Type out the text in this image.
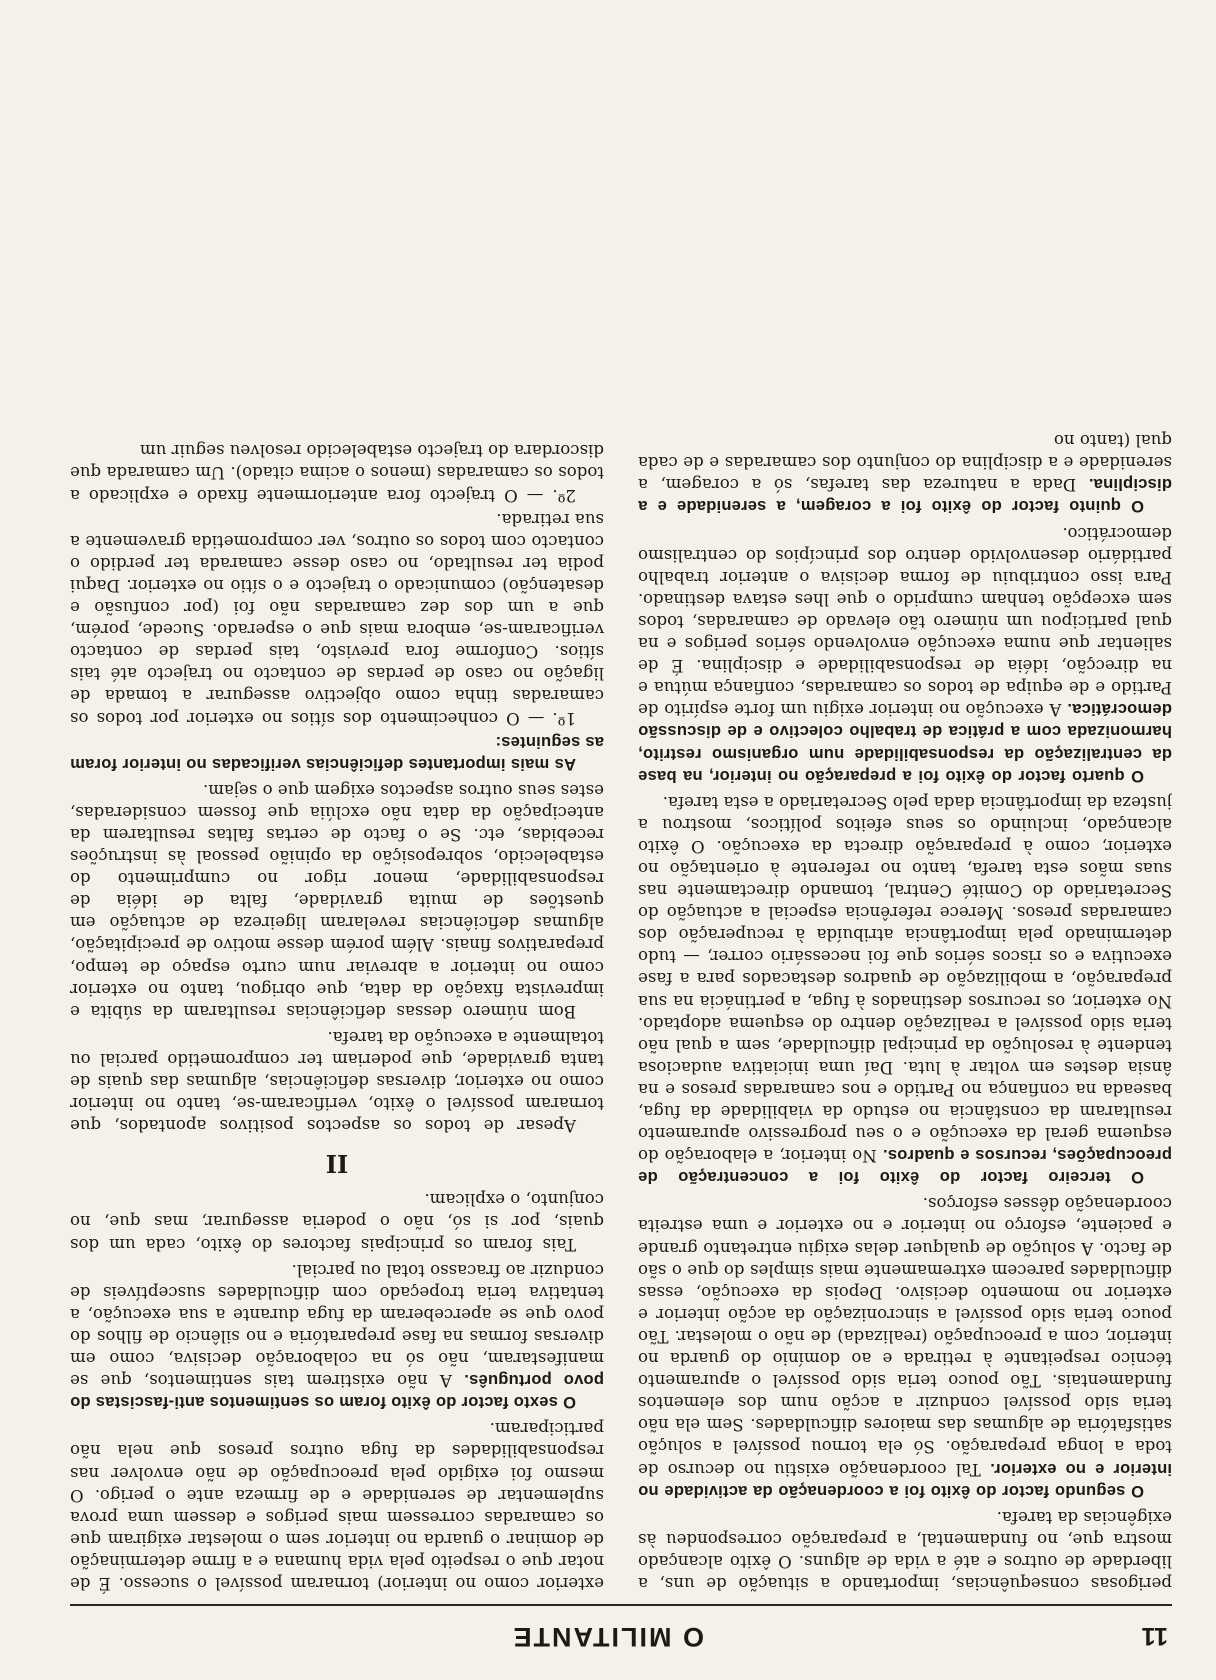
11
O MILITANTE

perigosas consequências, importando a situação de uns, a liberdade de outros e até a vida de alguns. O êxito alcançado mostra que, no fundamental, a preparação correspondeu às exigências da tarefa.

O segundo factor do êxito foi a coordenação da actividade no interior e no exterior. Tal coordenação existiu no decurso de toda a longa preparação. Só ela tornou possível a solução satisfatória de algumas das maiores dificuldades. Sem ela não teria sido possível conduzir a acção num dos elementos fundamentais. Tão pouco teria sido possível o apuramento técnico respeitante à retirada e ao domínio do guarda no interior, com a preocupação (realizada) de não o molestar. Tão pouco teria sido possível a sincronização da acção interior e exterior no momento decisivo. Depois da execução, essas dificuldades parecem extremamente mais simples do que o são de facto. A solução de qualquer delas exigiu entretanto grande e paciente, esforço no interior e no exterior e uma estreita coordenação dêsses esforços.

O terceiro factor do êxito foi a concentração de preocupações, recursos e quadros. No interior, a elaboração do esquema geral da execução e o seu progressivo apuramento resultaram da constância no estudo da viabilidade da fuga, baseada na confiança no Partido e nos camaradas presos e na ânsia destes em voltar à luta. Daí uma iniciativa audaciosa tendente à resolução da principal dificuldade, sem a qual não teria sido possível a realização dentro do esquema adoptado. No exterior, os recursos destinados à fuga, a pertinácia na sua preparação, a mobilização de quadros destacados para a fase executiva e os riscos sérios que foi necessário correr, — tudo determinado pela importância atribuída à recuperação dos camaradas presos. Merece referência especial a actuação do Secretariado do Comité Central, tomando directamente nas suas mãos esta tarefa, tanto no referente à orientação no exterior, como à preparação directa da execução. O êxito alcançado, incluindo os seus efeitos políticos, mostrou a justeza da importância dada pelo Secretariado a esta tarefa.

O quarto factor do êxito foi a preparação no interior, na base da centralização da responsabilidade num organismo restrito, harmonizada com a prática de trabalho colectivo e de discussão democrática. A execução no interior exigiu um forte espírito de Partido e de equipa de todos os camaradas, confiança mútua e na direcção, idéia de responsabilidade e disciplina. É de salientar que numa execução envolvendo sérios perigos e na qual participou um número tão elevado de camaradas, todos sem excepção tenham cumprido o que lhes estava destinado. Para isso contribuiu de forma decisiva o anterior trabalho partidário desenvolvido dentro dos princípios do centralismo democrático.

O quinto factor do êxito foi a coragem, a serenidade e a disciplina. Dada a natureza das tarefas, só a coragem, a serenidade e a disciplina do conjunto dos camaradas e de cada qual (tanto no

exterior como no interior) tornaram possível o sucesso. É de notar que o respeito pela vida humana e a firme determinação de dominar o guarda no interior sem o molestar exigiram que os camaradas corressem mais perigos e dessem uma prova suplementar de serenidade e de firmeza ante o perigo. O mesmo foi exigido pela preocupação de não envolver nas responsabilidades da fuga outros presos que nela não participaram.

O sexto factor do êxito foram os sentimentos anti-fascistas do povo português. A não existirem tais sentimentos, que se manifestaram, não só na colaboração decisiva, como em diversas formas na fase preparatória e no silêncio de filhos do povo que se aperceberam da fuga durante a sua execução, a tentativa teria tropeçado com dificuldades susceptíveis de conduzir ao fracasso total ou parcial.

Tais foram os principais factores do êxito, cada um dos quais, por si só, não o poderia assegurar, mas que, no conjunto, o explicam.

II

Apesar de todos os aspectos positivos apontados, que tornaram possível o êxito, verificaram-se, tanto no interior como no exterior, diversas deficiências, algumas das quais de tanta gravidade, que poderiam ter comprometido parcial ou totalmente a execução da tarefa.

Bom número dessas deficiências resultaram da súbita e imprevista fixação da data, que obrigou, tanto no exterior como no interior a abreviar num curto espaço de tempo, preparativos finais. Além porém desse motivo de precipitação, algumas deficiências revelaram ligeireza de actuação em questões de muita gravidade, falta de idéia de responsabilidade, menor rigor no cumprimento do estabelecido, sobreposição da opinião pessoal às instruções recebidas, etc. Se o facto de certas faltas resultarem da antecipação da data não exclúia que fossem consideradas, estes seus outros aspectos exigem que o sejam.

As mais importantes deficiências verificadas no interior foram as seguintes:

1º. — O conhecimento dos sítios no exterior por todos os camaradas tinha como objectivo assegurar a tomada de ligação no caso de perdas de contacto no trajecto até tais sítios. Conforme fora previsto, tais perdas de contacto verificaram-se, embora mais que o esperado. Sucede, porém, que a um dos dez camaradas não foi (por confusão e desatenção) comunicado o trajecto e o sítio no exterior. Daqui podia ter resultado, no caso desse camarada ter perdido o contacto com todos os outros, ver comprometida gravemente a sua retirada.

2º. — O trajecto fora anteriormente fixado e explicado a todos os camaradas (menos o acima citado). Um camarada que discordara do trajecto estabelecido resolveu seguir um
